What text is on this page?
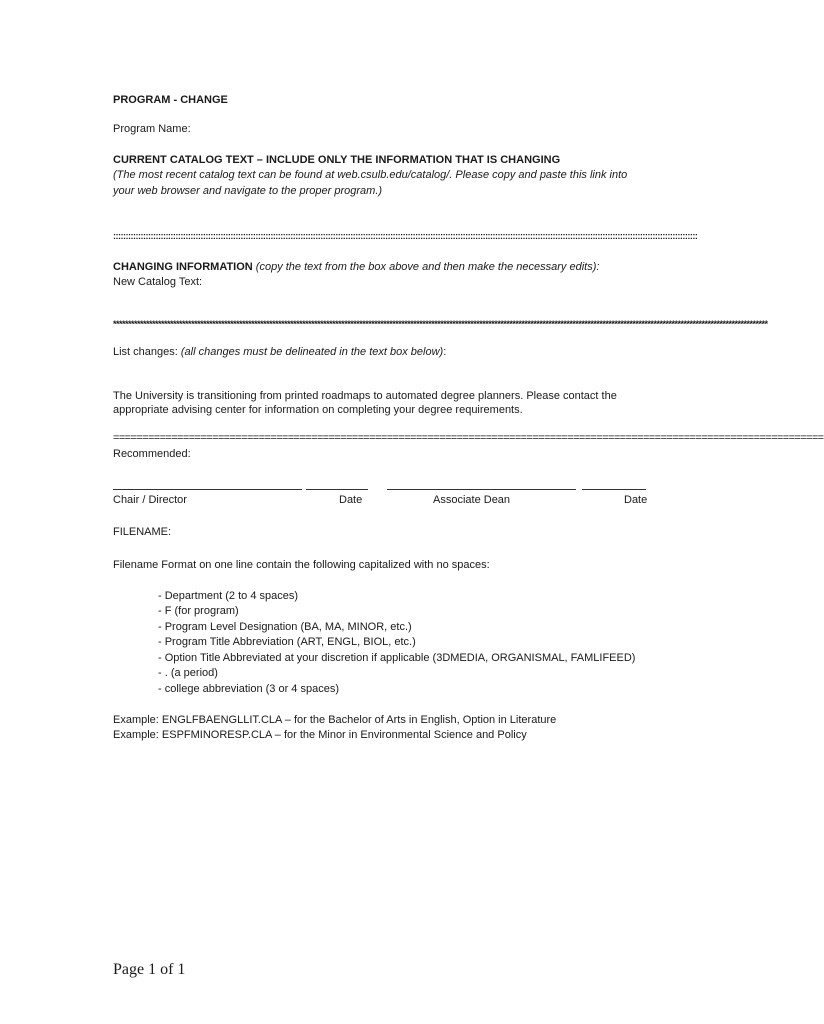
PROGRAM - CHANGE
Program Name:
CURRENT CATALOG TEXT – INCLUDE ONLY THE INFORMATION THAT IS CHANGING
(The most recent catalog text can be found at web.csulb.edu/catalog/. Please copy and paste this link into
your web browser and navigate to the proper program.)
::::::::::::::::::::::::::::::::::::::::::::::::::::::::::::::::::::::::::::::::::::::::::::::::::::::::::::::::::::::::::::::::::::::::::::::::::::::::::::::::::::::::::::::::::::::::::::::::::::::::::::::::::::::::::::::::::::::::::
CHANGING INFORMATION (copy the text from the box above and then make the necessary edits):
New Catalog Text:
**************************************************************************************************************************************************************************************************************************
List changes: (all changes must be delineated in the text box below):
The University is transitioning from printed roadmaps to automated degree planners. Please contact the
appropriate advising center for information on completing your degree requirements.
==========================================================================================================================
Recommended:
Chair / Director	Date	Associate Dean	Date
FILENAME:
Filename Format on one line contain the following capitalized with no spaces:
- Department (2 to 4 spaces)
- F (for program)
- Program Level Designation (BA, MA, MINOR, etc.)
- Program Title Abbreviation (ART, ENGL, BIOL, etc.)
- Option Title Abbreviated at your discretion if applicable (3DMEDIA, ORGANISMAL, FAMLIFEED)
- . (a period)
- college abbreviation (3 or 4 spaces)
Example: ENGLFBAENGLLIT.CLA – for the Bachelor of Arts in English, Option in Literature
Example: ESPFMINORESP.CLA – for the Minor in Environmental Science and Policy
Page 1 of 1
